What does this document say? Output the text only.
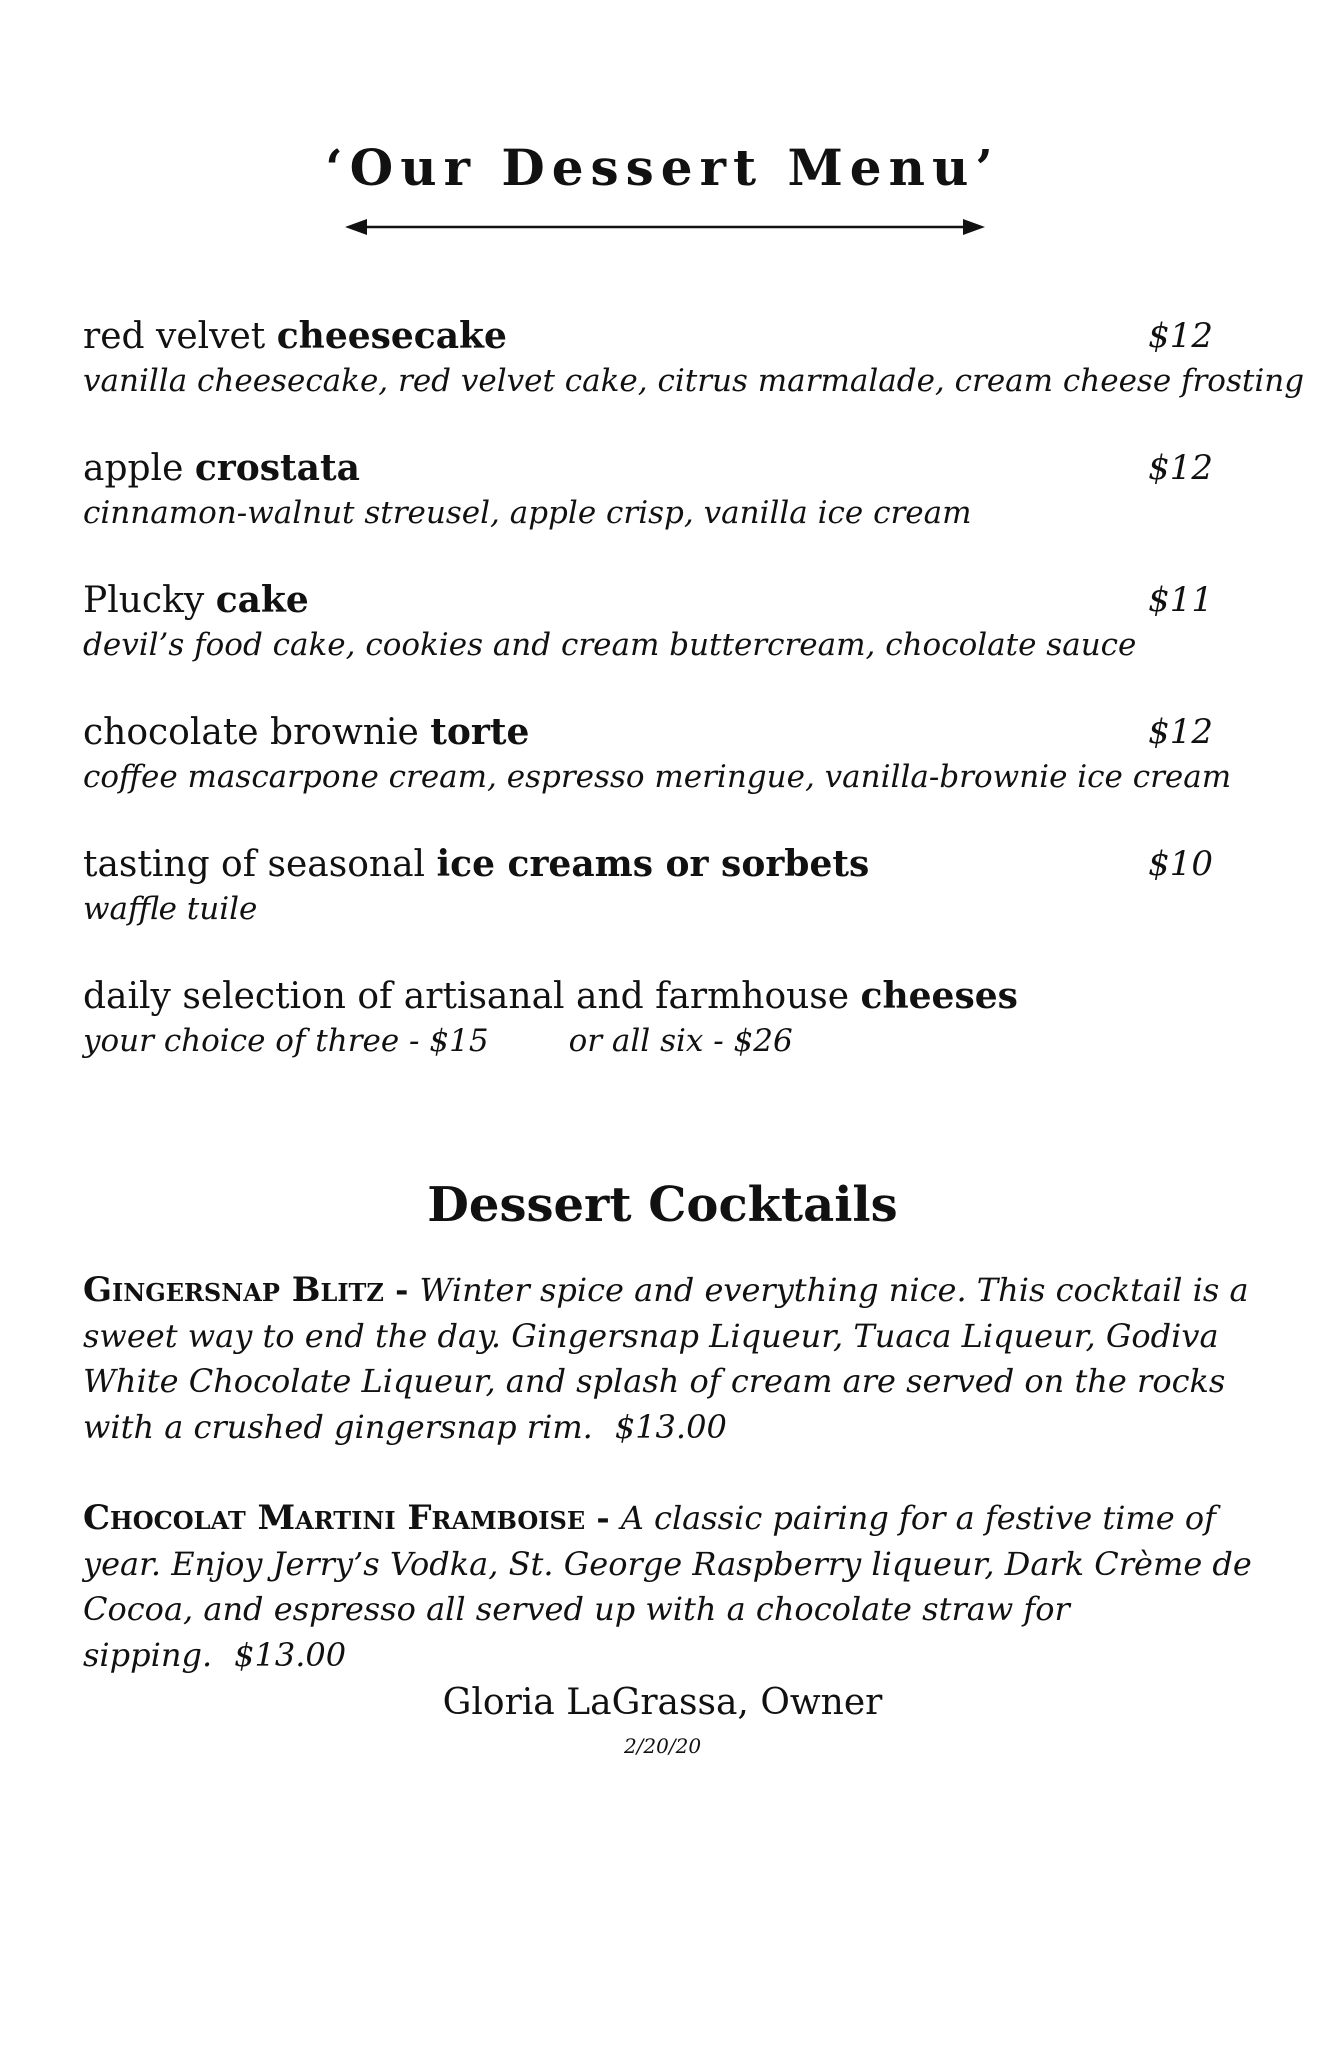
‘Our Dessert Menu’
red velvet cheesecake	$12
vanilla cheesecake, red velvet cake, citrus marmalade, cream cheese frosting
apple crostata	$12
cinnamon-walnut streusel, apple crisp, vanilla ice cream
Plucky cake	$11
devil’s food cake, cookies and cream buttercream, chocolate sauce
chocolate brownie torte	$12
coffee mascarpone cream, espresso meringue, vanilla-brownie ice cream
tasting of seasonal ice creams or sorbets	$10
waffle tuile
daily selection of artisanal and farmhouse cheeses
your choice of three - $15	or all six - $26
Dessert Cocktails
Gingersnap Blitz - Winter spice and everything nice. This cocktail is a sweet way to end the day. Gingersnap Liqueur, Tuaca Liqueur, Godiva White Chocolate Liqueur, and splash of cream are served on the rocks with a crushed gingersnap rim. $13.00
Chocolat Martini Framboise - A classic pairing for a festive time of year. Enjoy Jerry’s Vodka, St. George Raspberry liqueur, Dark Crème de Cocoa, and espresso all served up with a chocolate straw for sipping. $13.00
Gloria LaGrassa, Owner
2/20/20
